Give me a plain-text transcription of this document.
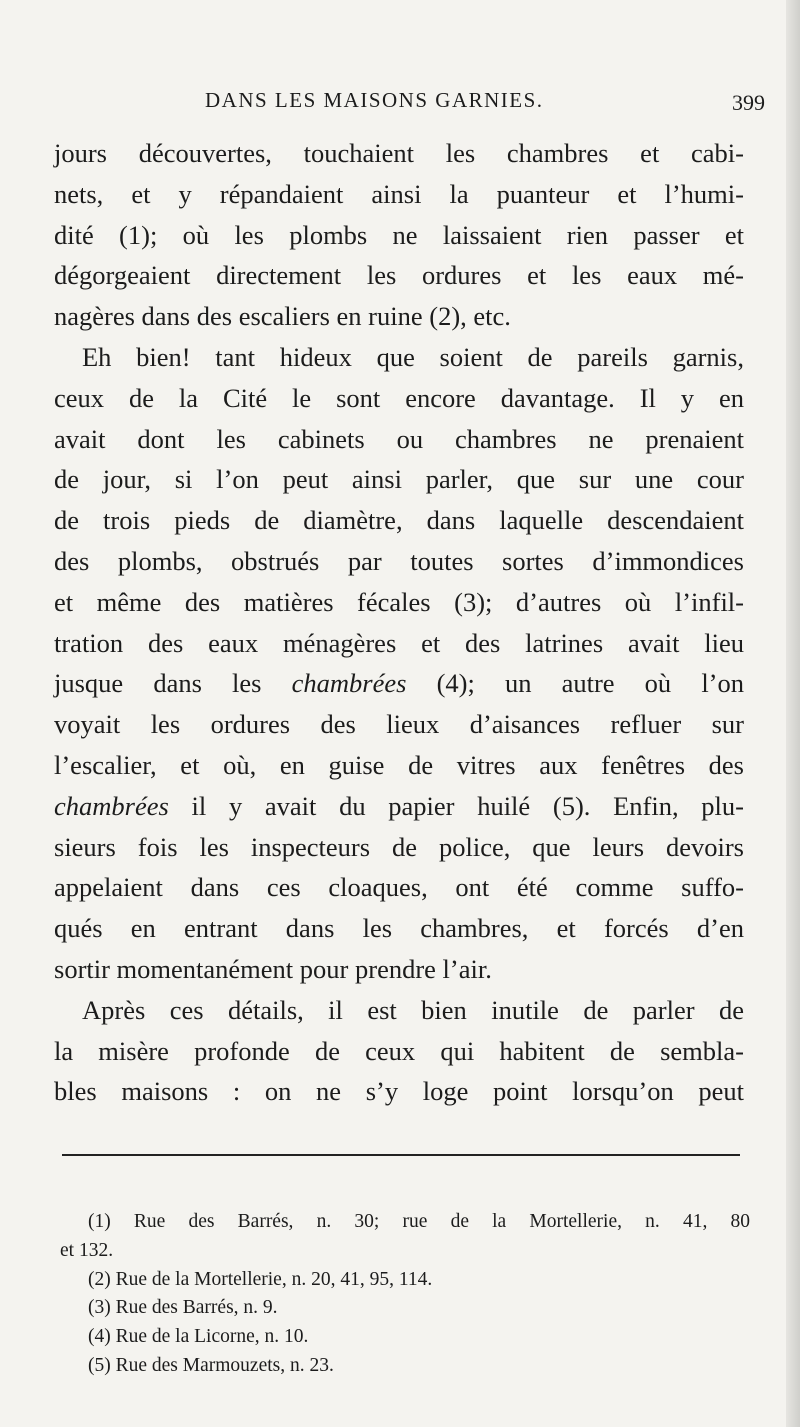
DANS LES MAISONS GARNIES.	399
jours découvertes, touchaient les chambres et cabi-
nets, et y répandaient ainsi la puanteur et l’humi-
dité (1); où les plombs ne laissaient rien passer et
dégorgeaient directement les ordures et les eaux mé-
nagères dans des escaliers en ruine (2), etc.
Eh bien! tant hideux que soient de pareils garnis,
ceux de la Cité le sont encore davantage. Il y en
avait dont les cabinets ou chambres ne prenaient
de jour, si l’on peut ainsi parler, que sur une cour
de trois pieds de diamètre, dans laquelle descendaient
des plombs, obstrués par toutes sortes d’immondices
et même des matières fécales (3); d’autres où l’infil-
tration des eaux ménagères et des latrines avait lieu
jusque dans les chambrées (4); un autre où l’on
voyait les ordures des lieux d’aisances refluer sur
l’escalier, et où, en guise de vitres aux fenêtres des
chambrées il y avait du papier huilé (5). Enfin, plu-
sieurs fois les inspecteurs de police, que leurs devoirs
appelaient dans ces cloaques, ont été comme suffo-
qués en entrant dans les chambres, et forcés d’en
sortir momentanément pour prendre l’air.
Après ces détails, il est bien inutile de parler de
la misère profonde de ceux qui habitent de sembla-
bles maisons : on ne s’y loge point lorsqu’on peut
(1) Rue des Barrés, n. 30; rue de la Mortellerie, n. 41, 80
et 132.
(2) Rue de la Mortellerie, n. 20, 41, 95, 114.
(3) Rue des Barrés, n. 9.
(4) Rue de la Licorne, n. 10.
(5) Rue des Marmouzets, n. 23.
